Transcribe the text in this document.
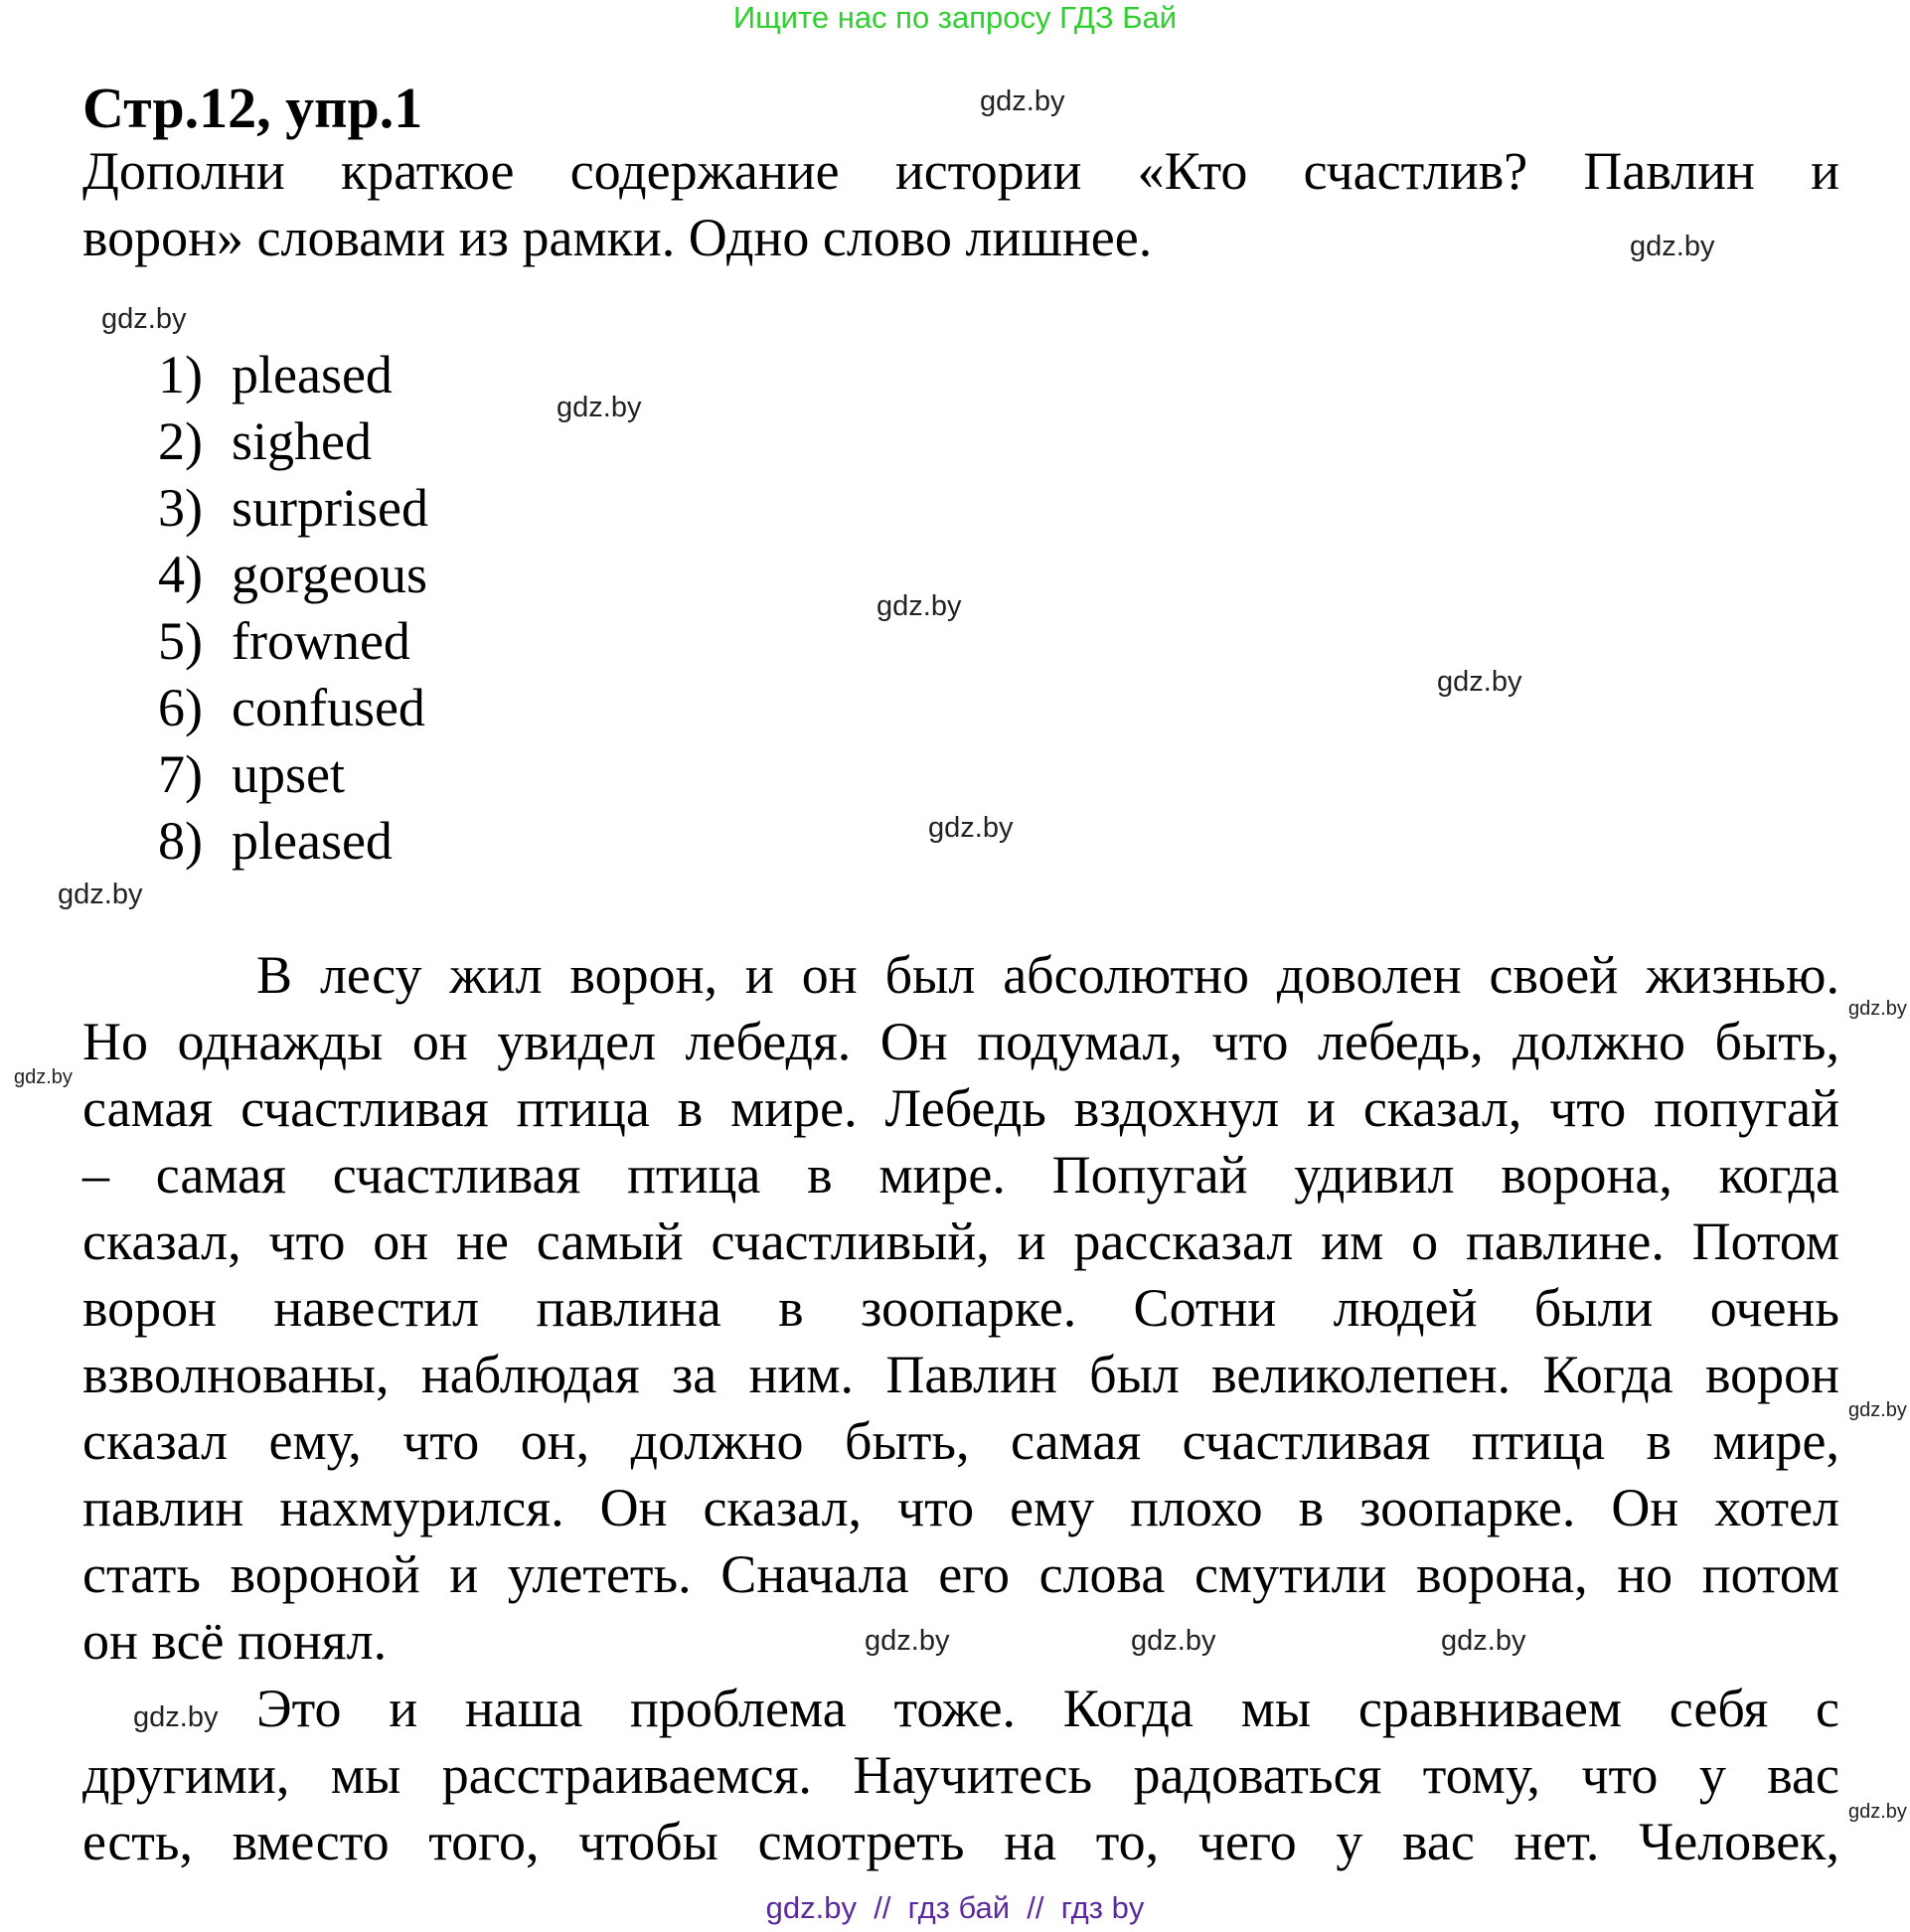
Ищите нас по запросу ГДЗ Бай
Стр.12, упр.1
Дополни краткое содержание истории «Кто счастлив? Павлин и
ворон» словами из рамки. Одно слово лишнее.
1) pleased
2) sighed
3) surprised
4) gorgeous
5) frowned
6) confused
7) upset
8) pleased
В лесу жил ворон, и он был абсолютно доволен своей жизнью.
Но однажды он увидел лебедя. Он подумал, что лебедь, должно быть,
самая счастливая птица в мире. Лебедь вздохнул и сказал, что попугай
– самая счастливая птица в мире. Попугай удивил ворона, когда
сказал, что он не самый счастливый, и рассказал им о павлине. Потом
ворон навестил павлина в зоопарке. Сотни людей были очень
взволнованы, наблюдая за ним. Павлин был великолепен. Когда ворон
сказал ему, что он, должно быть, самая счастливая птица в мире,
павлин нахмурился. Он сказал, что ему плохо в зоопарке. Он хотел
стать вороной и улететь. Сначала его слова смутили ворона, но потом
он всё понял.
Это и наша проблема тоже. Когда мы сравниваем себя с
другими, мы расстраиваемся. Научитесь радоваться тому, что у вас
есть, вместо того, чтобы смотреть на то, чего у вас нет. Человек,
gdz.by
gdz.by
gdz.by
gdz.by
gdz.by
gdz.by
gdz.by
gdz.by
gdz.by
gdz.by
gdz.by
gdz.by
gdz.by
gdz.by
gdz.by
gdz.by
gdz.by  //  гдз бай  //  гдз by
